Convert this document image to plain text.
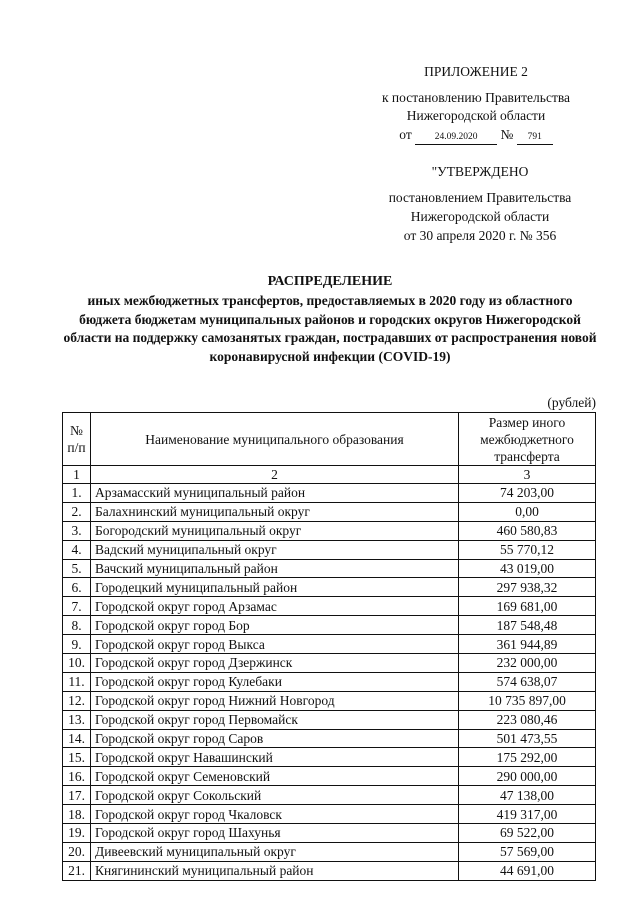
ПРИЛОЖЕНИЕ 2
к постановлению Правительства
Нижегородской области
от 24.09.2020 № 791
"УТВЕРЖДЕНО
постановлением Правительства
Нижегородской области
от 30 апреля 2020 г. № 356
РАСПРЕДЕЛЕНИЕ
иных межбюджетных трансфертов, предоставляемых в 2020 году из областного бюджета бюджетам муниципальных районов и городских округов Нижегородской области на поддержку самозанятых граждан, пострадавших от распространения новой коронавирусной инфекции (COVID-19)
(рублей)
№ п/п	Наименование муниципального образования	Размер иного межбюджетного трансферта
1	2	3
1.	Арзамасский муниципальный район	74 203,00
2.	Балахнинский муниципальный округ	0,00
3.	Богородский муниципальный округ	460 580,83
4.	Вадский муниципальный округ	55 770,12
5.	Вачский муниципальный район	43 019,00
6.	Городецкий муниципальный район	297 938,32
7.	Городской округ город Арзамас	169 681,00
8.	Городской округ город Бор	187 548,48
9.	Городской округ город Выкса	361 944,89
10.	Городской округ город Дзержинск	232 000,00
11.	Городской округ город Кулебаки	574 638,07
12.	Городской округ город Нижний Новгород	10 735 897,00
13.	Городской округ город Первомайск	223 080,46
14.	Городской округ город Саров	501 473,55
15.	Городской округ Навашинский	175 292,00
16.	Городской округ Семеновский	290 000,00
17.	Городской округ Сокольский	47 138,00
18.	Городской округ город Чкаловск	419 317,00
19.	Городской округ город Шахунья	69 522,00
20.	Дивеевский муниципальный округ	57 569,00
21.	Княгининский муниципальный район	44 691,00
